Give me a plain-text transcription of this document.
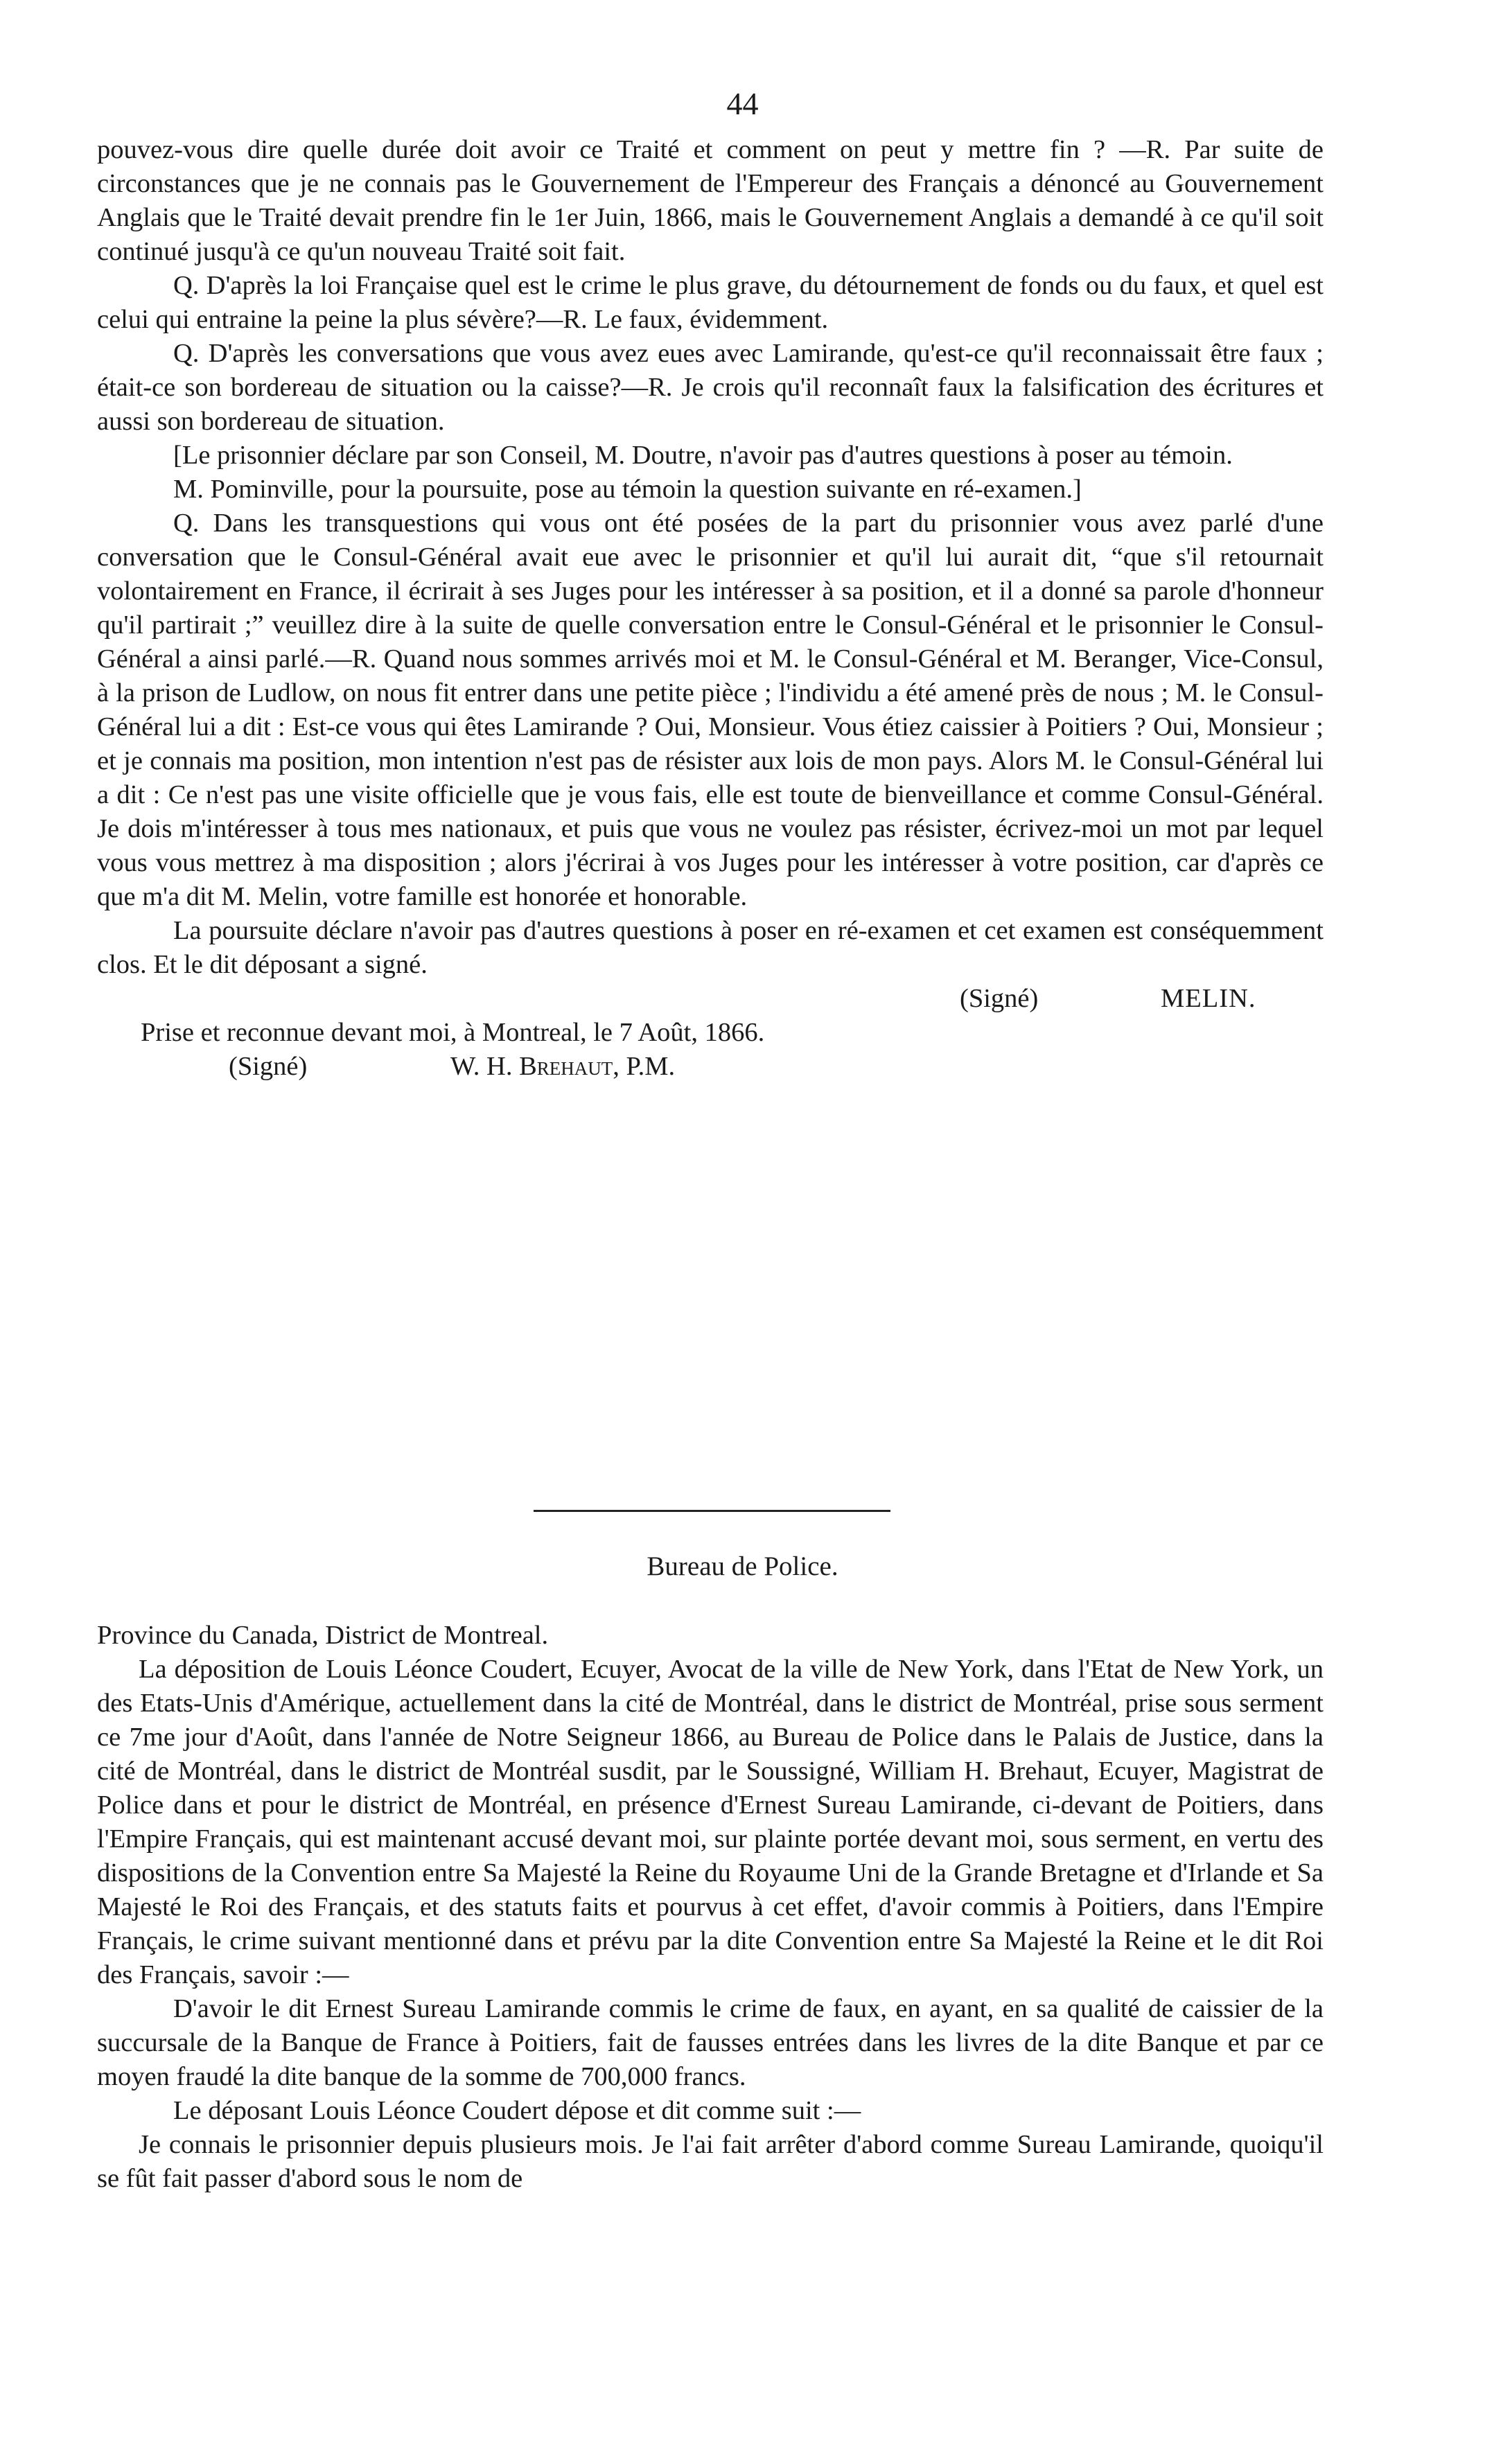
44

pouvez-vous dire quelle durée doit avoir ce Traité et comment on peut y mettre fin ? —R. Par suite de circonstances que je ne connais pas le Gouvernement de l'Empereur des Français a dénoncé au Gouvernement Anglais que le Traité devait prendre fin le 1er Juin, 1866, mais le Gouvernement Anglais a demandé à ce qu'il soit continué jusqu'à ce qu'un nouveau Traité soit fait.

Q. D'après la loi Française quel est le crime le plus grave, du détournement de fonds ou du faux, et quel est celui qui entraine la peine la plus sévère?—R. Le faux, évidemment.

Q. D'après les conversations que vous avez eues avec Lamirande, qu'est-ce qu'il reconnaissait être faux ; était-ce son bordereau de situation ou la caisse?—R. Je crois qu'il reconnaît faux la falsification des écritures et aussi son bordereau de situation.

[Le prisonnier déclare par son Conseil, M. Doutre, n'avoir pas d'autres questions à poser au témoin.

M. Pominville, pour la poursuite, pose au témoin la question suivante en ré-examen.]

Q. Dans les transquestions qui vous ont été posées de la part du prisonnier vous avez parlé d'une conversation que le Consul-Général avait eue avec le prisonnier et qu'il lui aurait dit, “que s'il retournait volontairement en France, il écrirait à ses Juges pour les intéresser à sa position, et il a donné sa parole d'honneur qu'il partirait ;” veuillez dire à la suite de quelle conversation entre le Consul-Général et le prisonnier le Consul-Général a ainsi parlé.—R. Quand nous sommes arrivés moi et M. le Consul-Général et M. Beranger, Vice-Consul, à la prison de Ludlow, on nous fit entrer dans une petite pièce ; l'individu a été amené près de nous ; M. le Consul-Général lui a dit : Est-ce vous qui êtes Lamirande ? Oui, Monsieur. Vous étiez caissier à Poitiers ? Oui, Monsieur ; et je connais ma position, mon intention n'est pas de résister aux lois de mon pays. Alors M. le Consul-Général lui a dit : Ce n'est pas une visite officielle que je vous fais, elle est toute de bienveillance et comme Consul-Général. Je dois m'intéresser à tous mes nationaux, et puis que vous ne voulez pas résister, écrivez-moi un mot par lequel vous vous mettrez à ma disposition ; alors j'écrirai à vos Juges pour les intéresser à votre position, car d'après ce que m'a dit M. Melin, votre famille est honorée et honorable.

La poursuite déclare n'avoir pas d'autres questions à poser en ré-examen et cet examen est conséquemment clos. Et le dit déposant a signé.

(Signé)	MELIN.

Prise et reconnue devant moi, à Montreal, le 7 Août, 1866.

(Signé)	W. H. Brehaut, P.M.

Bureau de Police.

Province du Canada, District de Montreal.

La déposition de Louis Léonce Coudert, Ecuyer, Avocat de la ville de New York, dans l'Etat de New York, un des Etats-Unis d'Amérique, actuellement dans la cité de Montréal, dans le district de Montréal, prise sous serment ce 7me jour d'Août, dans l'année de Notre Seigneur 1866, au Bureau de Police dans le Palais de Justice, dans la cité de Montréal, dans le district de Montréal susdit, par le Soussigné, William H. Brehaut, Ecuyer, Magistrat de Police dans et pour le district de Montréal, en présence d'Ernest Sureau Lamirande, ci-devant de Poitiers, dans l'Empire Français, qui est maintenant accusé devant moi, sur plainte portée devant moi, sous serment, en vertu des dispositions de la Convention entre Sa Majesté la Reine du Royaume Uni de la Grande Bretagne et d'Irlande et Sa Majesté le Roi des Français, et des statuts faits et pourvus à cet effet, d'avoir commis à Poitiers, dans l'Empire Français, le crime suivant mentionné dans et prévu par la dite Convention entre Sa Majesté la Reine et le dit Roi des Français, savoir :—

D'avoir le dit Ernest Sureau Lamirande commis le crime de faux, en ayant, en sa qualité de caissier de la succursale de la Banque de France à Poitiers, fait de fausses entrées dans les livres de la dite Banque et par ce moyen fraudé la dite banque de la somme de 700,000 francs.

Le déposant Louis Léonce Coudert dépose et dit comme suit :—

Je connais le prisonnier depuis plusieurs mois. Je l'ai fait arrêter d'abord comme Sureau Lamirande, quoiqu'il se fût fait passer d'abord sous le nom de
